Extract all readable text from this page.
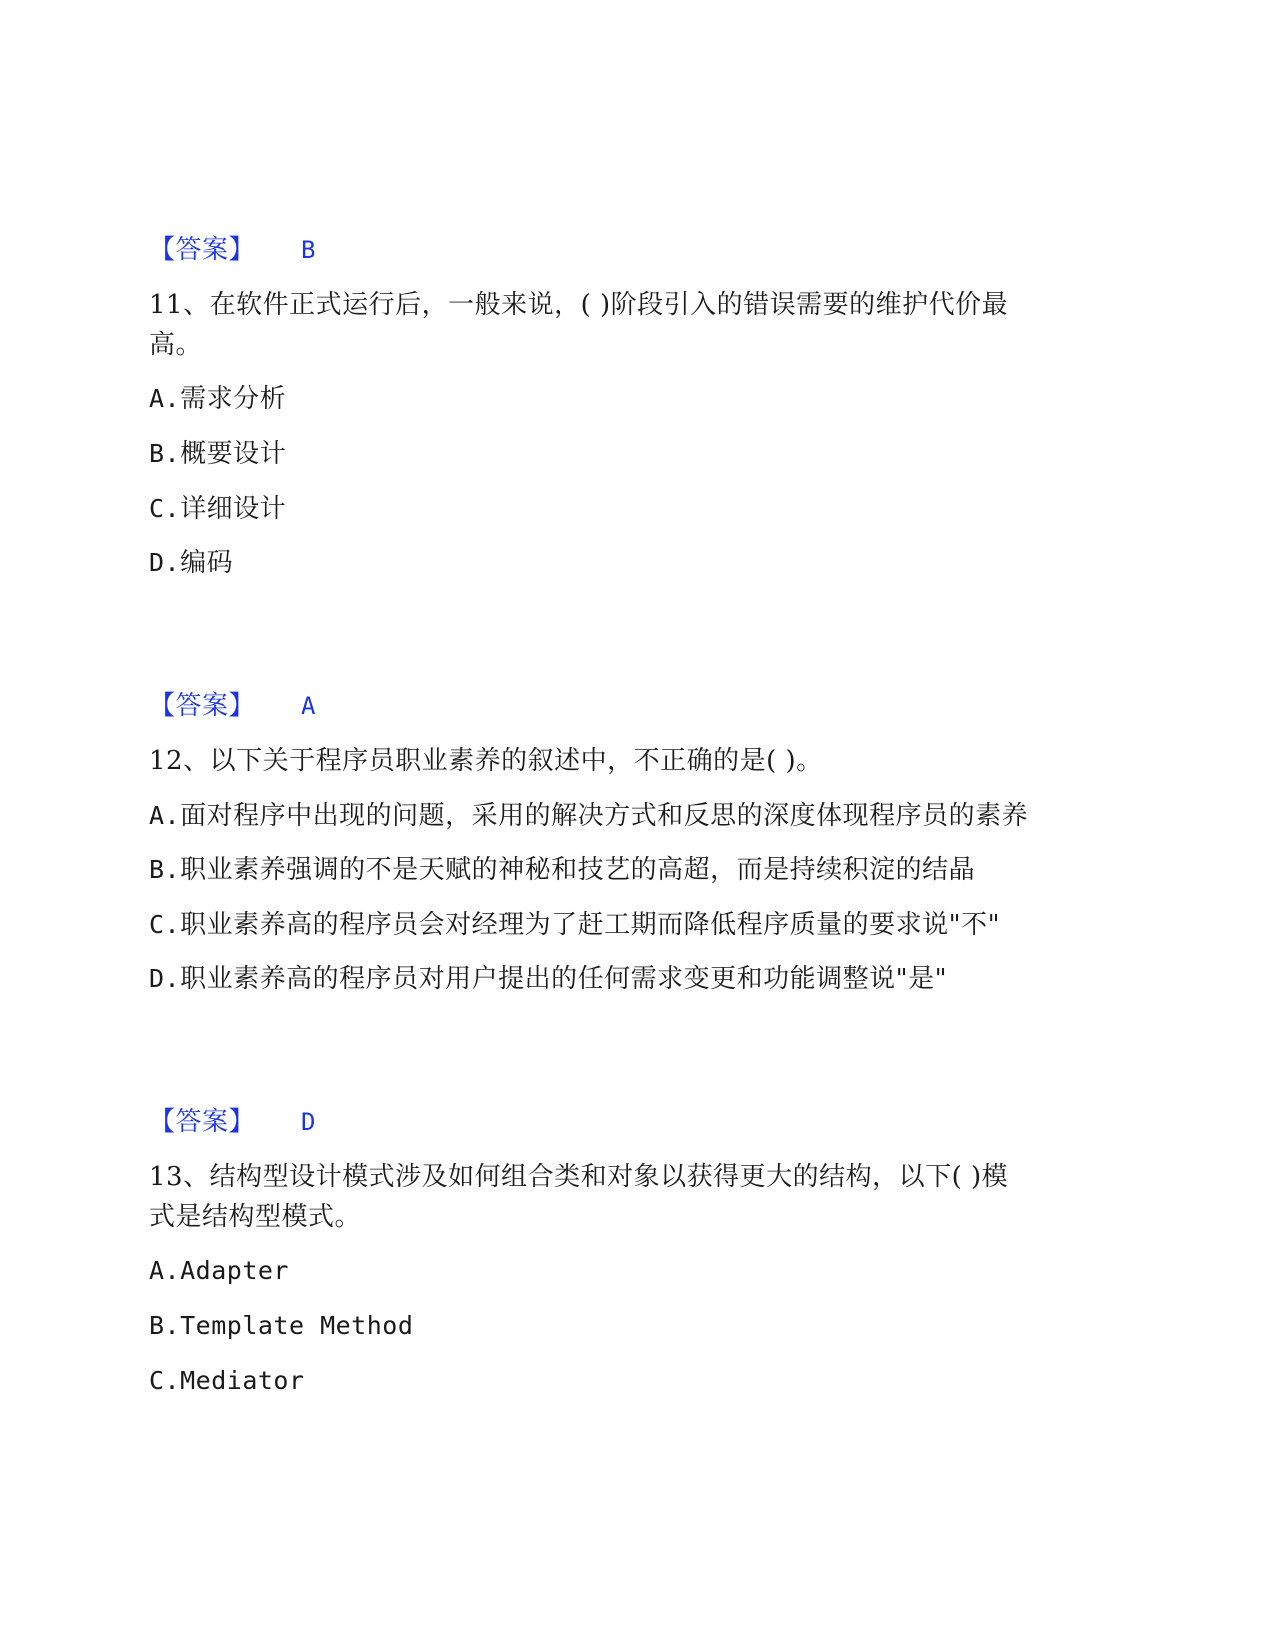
【答案】 B
11、在软件正式运行后，一般来说，( )阶段引入的错误需要的维护代价最
高。
A.需求分析
B.概要设计
C.详细设计
D.编码
【答案】 A
12、以下关于程序员职业素养的叙述中，不正确的是( )。
A.面对程序中出现的问题，采用的解决方式和反思的深度体现程序员的素养
B.职业素养强调的不是天赋的神秘和技艺的高超，而是持续积淀的结晶
C.职业素养高的程序员会对经理为了赶工期而降低程序质量的要求说"不"
D.职业素养高的程序员对用户提出的任何需求变更和功能调整说"是"
【答案】 D
13、结构型设计模式涉及如何组合类和对象以获得更大的结构，以下( )模
式是结构型模式。
A.Adapter
B.Template Method
C.Mediator
